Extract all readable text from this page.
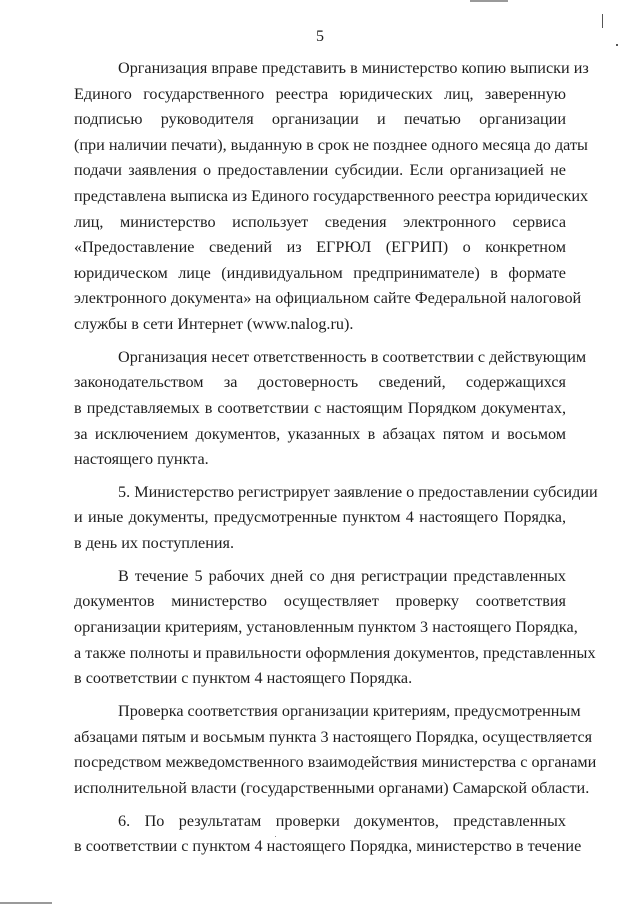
5
Организация вправе представить в министерство копию выписки из
Единого государственного реестра юридических лиц, заверенную
подписью руководителя организации и печатью организации
(при наличии печати), выданную в срок не позднее одного месяца до даты
подачи заявления о предоставлении субсидии. Если организацией не
представлена выписка из Единого государственного реестра юридических
лиц, министерство использует сведения электронного сервиса
«Предоставление сведений из ЕГРЮЛ (ЕГРИП) о конкретном
юридическом лице (индивидуальном предпринимателе) в формате
электронного документа» на официальном сайте Федеральной налоговой
службы в сети Интернет (www.nalog.ru).
Организация несет ответственность в соответствии с действующим
законодательством за достоверность сведений, содержащихся
в представляемых в соответствии с настоящим Порядком документах,
за исключением документов, указанных в абзацах пятом и восьмом
настоящего пункта.
5. Министерство регистрирует заявление о предоставлении субсидии
и иные документы, предусмотренные пунктом 4 настоящего Порядка,
в день их поступления.
В течение 5 рабочих дней со дня регистрации представленных
документов министерство осуществляет проверку соответствия
организации критериям, установленным пунктом 3 настоящего Порядка,
а также полноты и правильности оформления документов, представленных
в соответствии с пунктом 4 настоящего Порядка.
Проверка соответствия организации критериям, предусмотренным
абзацами пятым и восьмым пункта 3 настоящего Порядка, осуществляется
посредством межведомственного взаимодействия министерства с органами
исполнительной власти (государственными органами) Самарской области.
6. По результатам проверки документов, представленных
в соответствии с пунктом 4 настоящего Порядка, министерство в течение
